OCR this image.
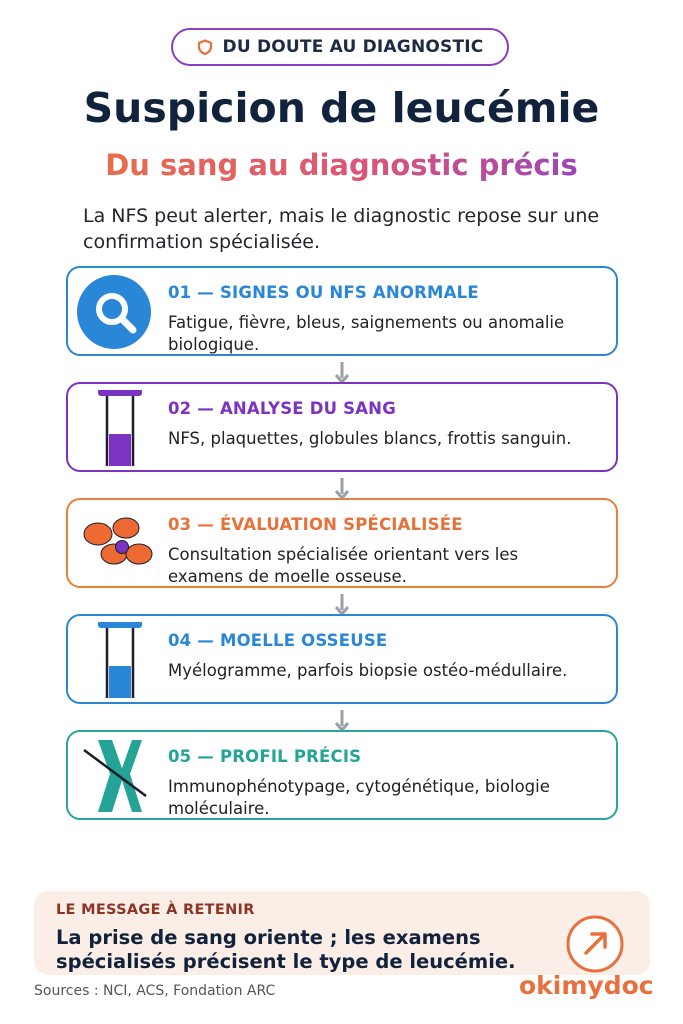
DU DOUTE AU DIAGNOSTIC
Suspicion de leucémie
Du sang au diagnostic précis
La NFS peut alerter, mais le diagnostic repose sur une confirmation spécialisée.
01 — SIGNES OU NFS ANORMALE
Fatigue, fièvre, bleus, saignements ou anomalie biologique.
02 — ANALYSE DU SANG
NFS, plaquettes, globules blancs, frottis sanguin.
03 — ÉVALUATION SPÉCIALISÉE
Consultation spécialisée orientant vers les examens de moelle osseuse.
04 — MOELLE OSSEUSE
Myélogramme, parfois biopsie ostéo-médullaire.
05 — PROFIL PRÉCIS
Immunophénotypage, cytogénétique, biologie moléculaire.
LE MESSAGE À RETENIR
La prise de sang oriente ; les examens spécialisés précisent le type de leucémie.
okimydoc
Sources : NCI, ACS, Fondation ARC
